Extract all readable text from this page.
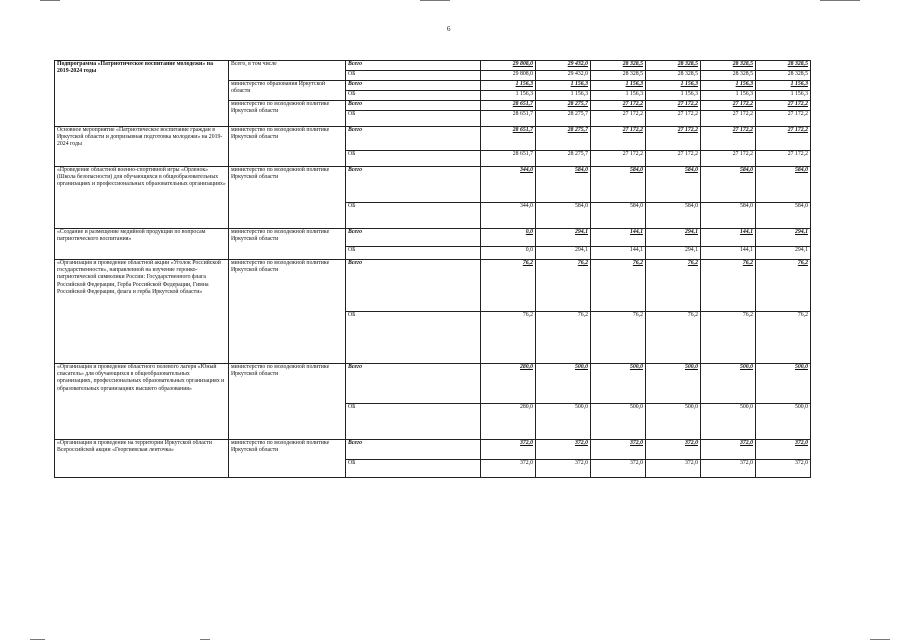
6
Подпрограмма «Патриотическое воспитание молодежи» на 2019-2024 годы	Всего, в том числе	Всего	29 808,0	29 432,0	28 328,5	28 328,5	28 328,5	28 328,5
		ОБ	29 808,0	29 432,0	28 328,5	28 328,5	28 328,5	28 328,5
	министерство образования Иркутской области	Всего	1 156,3	1 156,3	1 156,3	1 156,3	1 156,3	1 156,3
		ОБ	1 156,3	1 156,3	1 156,3	1 156,3	1 156,3	1 156,3
	министерство по молодежной политике Иркутской области	Всего	28 651,7	28 275,7	27 172,2	27 172,2	27 172,2	27 172,2
		ОБ	28 651,7	28 275,7	27 172,2	27 172,2	27 172,2	27 172,2
Основное мероприятие «Патриотическое воспитание граждан в Иркутской области и допризывная подготовка молодежи» на 2019-2024 годы	министерство по молодежной политике Иркутской области	Всего	28 651,7	28 275,7	27 172,2	27 172,2	27 172,2	27 172,2
		ОБ	28 651,7	28 275,7	27 172,2	27 172,2	27 172,2	27 172,2
«Проведение областной военно-спортивной игры «Орленок» (Школа безопасности) для обучающихся в общеобразовательных организациях и профессиональных образовательных организациях»	министерство по молодежной политике Иркутской области	Всего	344,0	584,0	584,0	584,0	584,0	584,0
		ОБ	344,0	584,0	584,0	584,0	584,0	584,0
«Создание и размещение медийной продукции по вопросам патриотического воспитания»	министерство по молодежной политике Иркутской области	Всего	0,0	294,1	144,1	294,1	144,1	294,1
		ОБ	0,0	294,1	144,1	294,1	144,1	294,1
«Организация и проведение областной акции «Уголок Российской государственности», направленной на изучение героико-патриотической символики России: Государственного флага Российской Федерации, Герба Российской Федерации, Гимна Российской Федерации, флага и герба Иркутской области»	министерство по молодежной политике Иркутской области	Всего	76,2	76,2	76,2	76,2	76,2	76,2
		ОБ	76,2	76,2	76,2	76,2	76,2	76,2
«Организация и проведение областного полевого лагеря «Юный спасатель» для обучающихся в общеобразовательных организациях, профессиональных образовательных организациях и образовательных организациях высшего образования»	министерство по молодежной политике Иркутской области	Всего	280,0	500,0	500,0	500,0	500,0	500,0
		ОБ	280,0	500,0	500,0	500,0	500,0	500,0
«Организация и проведение на территории Иркутской области Всероссийской акции «Георгиевская ленточка»	министерство по молодежной политике Иркутской области	Всего	372,0	372,0	372,0	372,0	372,0	372,0
		ОБ	372,0	372,0	372,0	372,0	372,0	372,0
